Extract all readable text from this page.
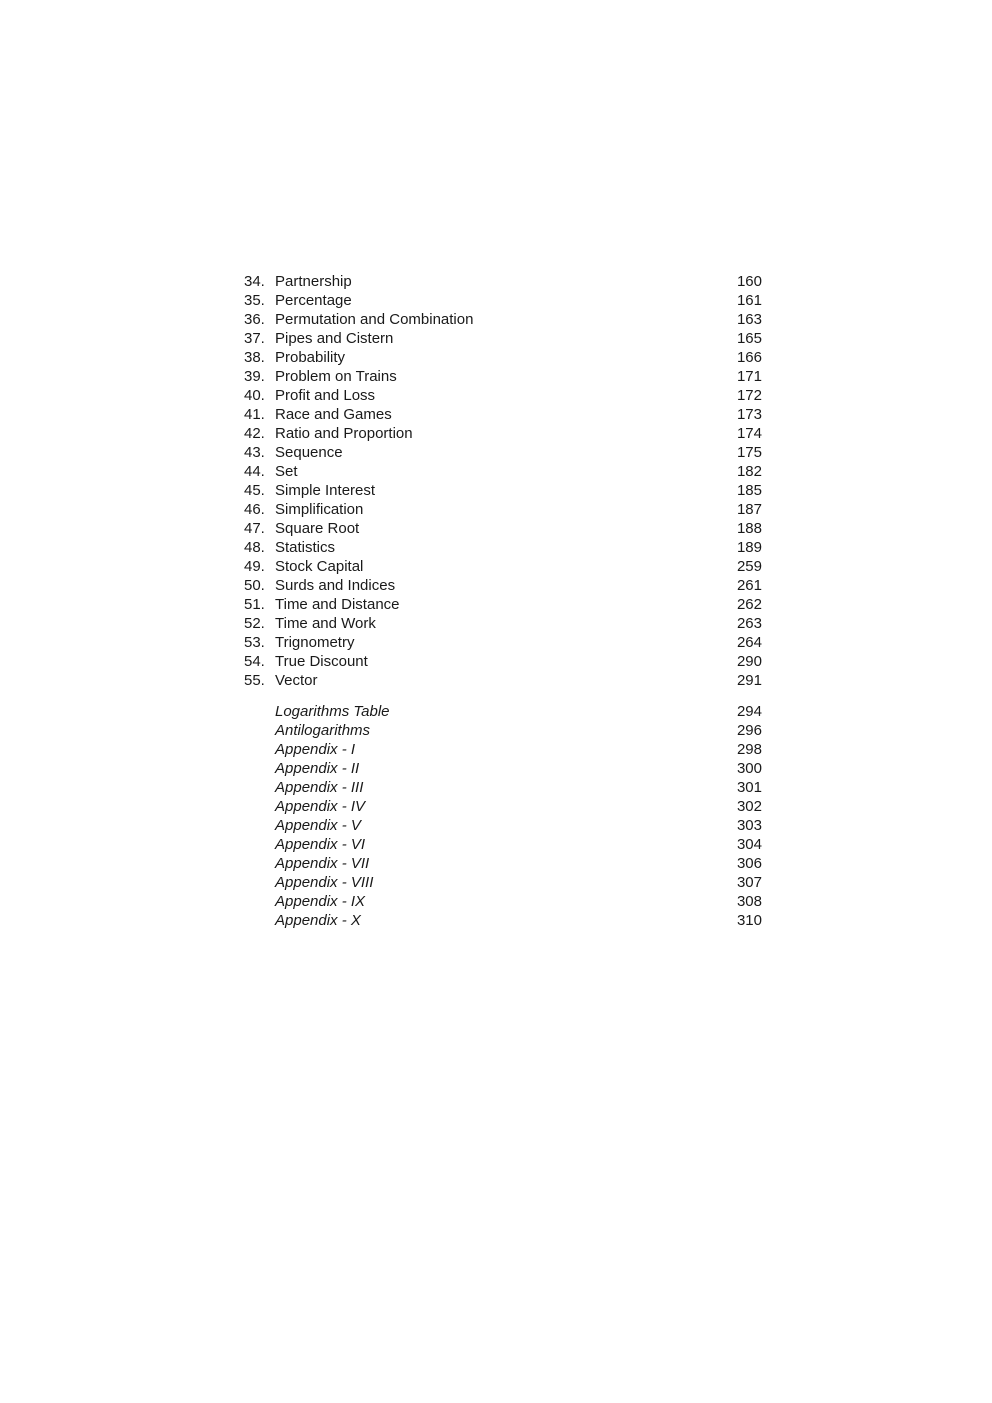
34. Partnership	160
35. Percentage	161
36. Permutation and Combination	163
37. Pipes and Cistern	165
38. Probability	166
39. Problem on Trains	171
40. Profit and Loss	172
41. Race and Games	173
42. Ratio and Proportion	174
43. Sequence	175
44. Set	182
45. Simple Interest	185
46. Simplification	187
47. Square Root	188
48. Statistics	189
49. Stock Capital	259
50. Surds and Indices	261
51. Time and Distance	262
52. Time and Work	263
53. Trignometry	264
54. True Discount	290
55. Vector	291
Logarithms Table	294
Antilogarithms	296
Appendix - I	298
Appendix - II	300
Appendix - III	301
Appendix - IV	302
Appendix - V	303
Appendix - VI	304
Appendix - VII	306
Appendix - VIII	307
Appendix - IX	308
Appendix - X	310
